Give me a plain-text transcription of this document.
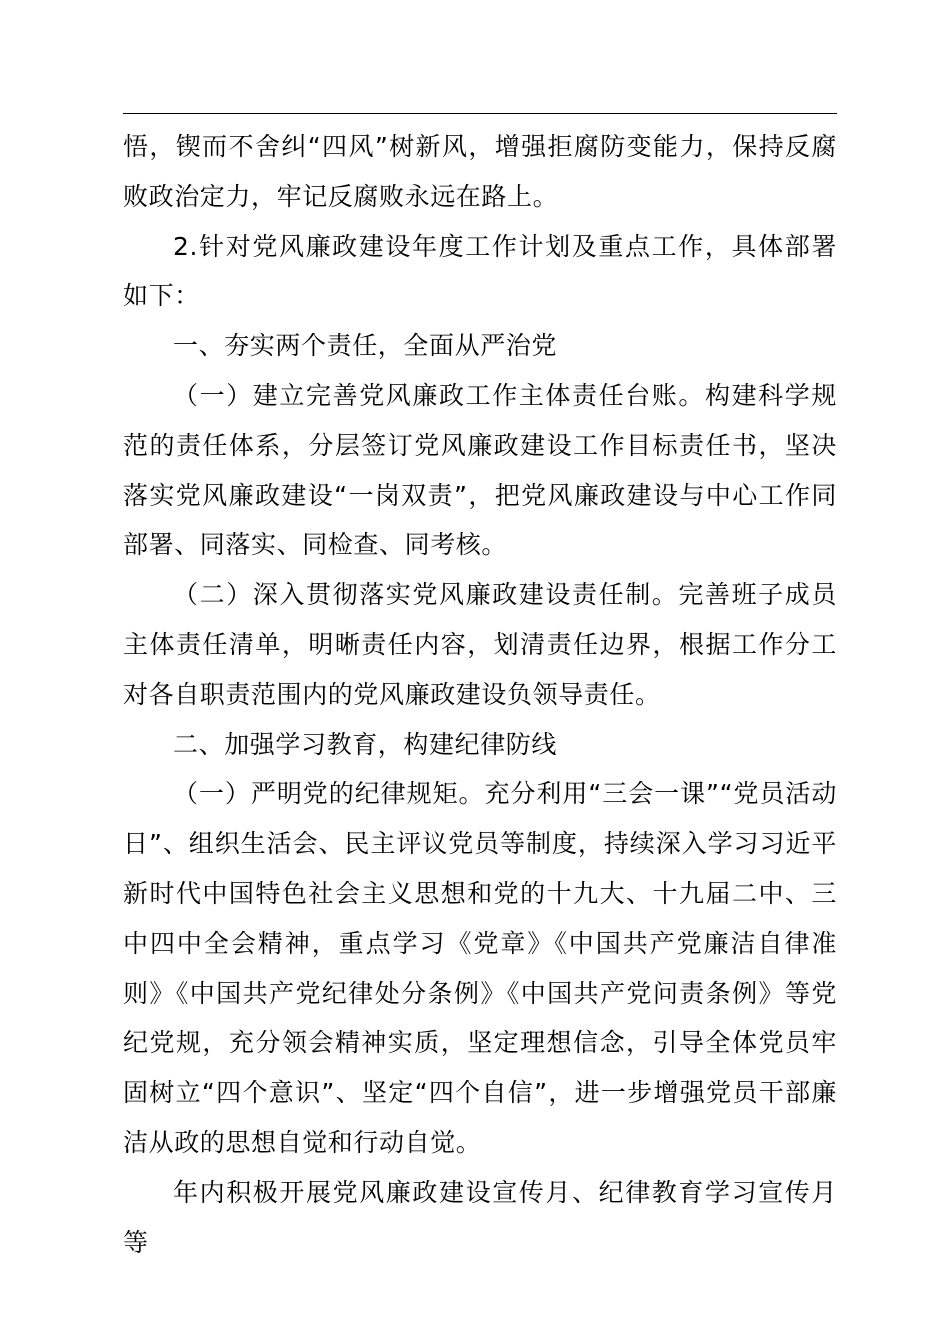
悟，锲而不舍纠“四风”树新风，增强拒腐防变能力，保持反腐败政治定力，牢记反腐败永远在路上。

2.针对党风廉政建设年度工作计划及重点工作，具体部署如下：

一、夯实两个责任，全面从严治党

（一）建立完善党风廉政工作主体责任台账。构建科学规范的责任体系，分层签订党风廉政建设工作目标责任书，坚决落实党风廉政建设“一岗双责”，把党风廉政建设与中心工作同部署、同落实、同检查、同考核。

（二）深入贯彻落实党风廉政建设责任制。完善班子成员主体责任清单，明晰责任内容，划清责任边界，根据工作分工对各自职责范围内的党风廉政建设负领导责任。

二、加强学习教育，构建纪律防线

（一）严明党的纪律规矩。充分利用“三会一课”“党员活动日”、组织生活会、民主评议党员等制度，持续深入学习习近平新时代中国特色社会主义思想和党的十九大、十九届二中、三中四中全会精神，重点学习《党章》《中国共产党廉洁自律准则》《中国共产党纪律处分条例》《中国共产党问责条例》等党纪党规，充分领会精神实质，坚定理想信念，引导全体党员牢固树立“四个意识”、坚定“四个自信”，进一步增强党员干部廉洁从政的思想自觉和行动自觉。

年内积极开展党风廉政建设宣传月、纪律教育学习宣传月等
